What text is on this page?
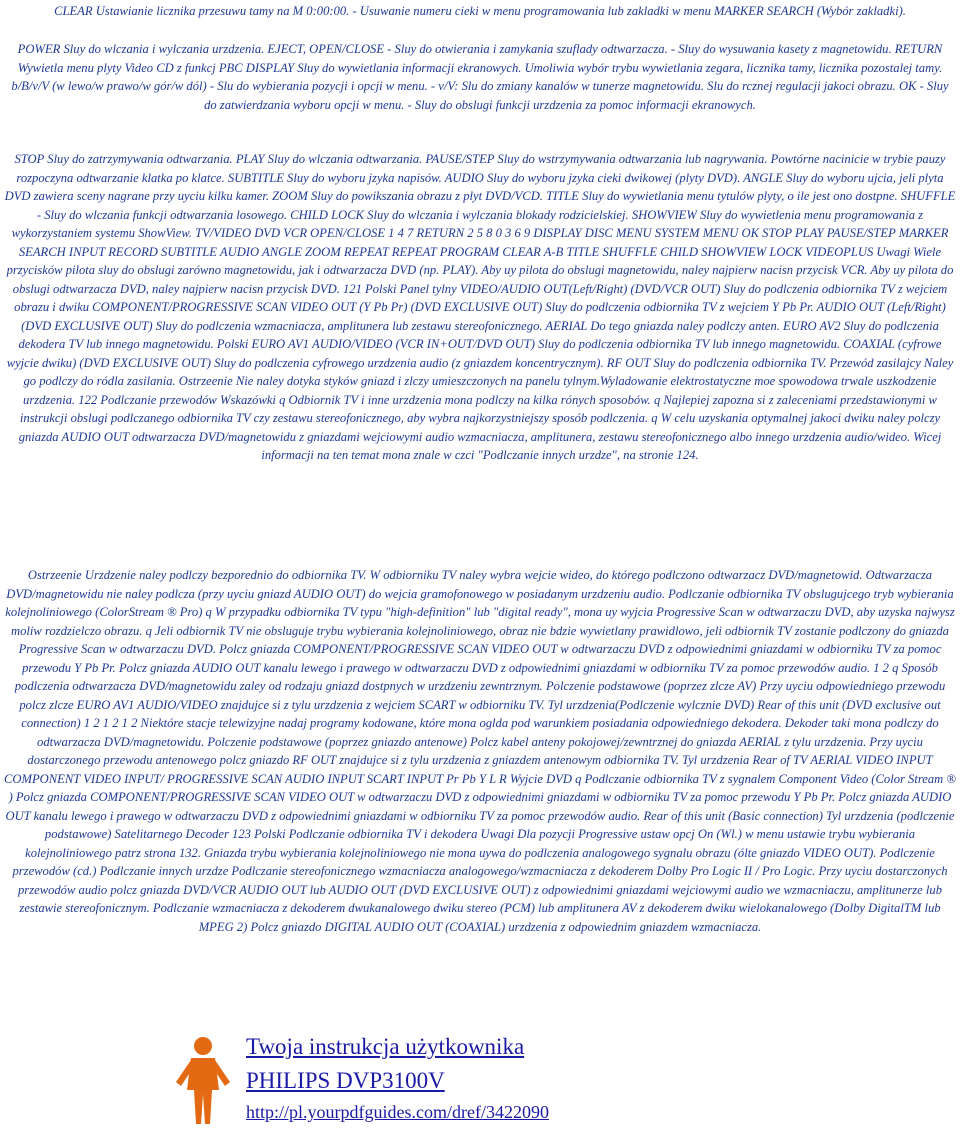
CLEAR Ustawianie licznika przesuwu tamy na M 0:00:00. - Usuwanie numeru cieki w menu programowania lub zakladki w menu MARKER SEARCH (Wybór zakladki).

POWER Sluy do wlczania i wylczania urzdzenia. EJECT, OPEN/CLOSE - Sluy do otwierania i zamykania szuflady odtwarzacza. - Sluy do wysuwania kasety z magnetowidu. RETURN Wywietla menu plyty Video CD z funkcj PBC DISPLAY Sluy do wywietlania informacji ekranowych. Umoliwia wybór trybu wywietlania zegara, licznika tamy, licznika pozostalej tamy. b/B/v/V (w lewo/w prawo/w gór/w dól) - Slu do wybierania pozycji i opcji w menu. - v/V: Slu do zmiany kanalów w tunerze magnetowidu. Slu do rcznej regulacji jakoci obrazu. OK - Sluy do zatwierdzania wyboru opcji w menu. - Sluy do obslugi funkcji urzdzenia za pomoc informacji ekranowych.

STOP Sluy do zatrzymywania odtwarzania. PLAY Sluy do wlczania odtwarzania. PAUSE/STEP Sluy do wstrzymywania odtwarzania lub nagrywania. Powtórne nacinicie w trybie pauzy rozpoczyna odtwarzanie klatka po klatce. SUBTITLE Sluy do wyboru jzyka napisów. AUDIO Sluy do wyboru jzyka cieki dwikowej (plyty DVD). ANGLE Sluy do wyboru ujcia, jeli plyta DVD zawiera sceny nagrane przy uyciu kilku kamer. ZOOM Sluy do powikszania obrazu z plyt DVD/VCD. TITLE Sluy do wywietlania menu tytulów plyty, o ile jest ono dostpne. SHUFFLE - Sluy do wlczania funkcji odtwarzania losowego. CHILD LOCK Sluy do wlczania i wylczania blokady rodzicielskiej. SHOWVIEW Sluy do wywietlenia menu programowania z wykorzystaniem systemu ShowView. TV/VIDEO DVD VCR OPEN/CLOSE 1 4 7 RETURN 2 5 8 0 3 6 9 DISPLAY DISC MENU SYSTEM MENU OK STOP PLAY PAUSE/STEP MARKER SEARCH INPUT RECORD SUBTITLE AUDIO ANGLE ZOOM REPEAT REPEAT PROGRAM CLEAR A-B TITLE SHUFFLE CHILD SHOWVIEW LOCK VIDEOPLUS Uwagi Wiele przycisków pilota sluy do obslugi zarówno magnetowidu, jak i odtwarzacza DVD (np. PLAY). Aby uy pilota do obslugi magnetowidu, naley najpierw nacisn przycisk VCR. Aby uy pilota do obslugi odtwarzacza DVD, naley najpierw nacisn przycisk DVD. 121 Polski Panel tylny VIDEO/AUDIO OUT(Left/Right) (DVD/VCR OUT) Sluy do podlczenia odbiornika TV z wejciem obrazu i dwiku COMPONENT/PROGRESSIVE SCAN VIDEO OUT (Y Pb Pr) (DVD EXCLUSIVE OUT) Sluy do podlczenia odbiornika TV z wejciem Y Pb Pr. AUDIO OUT (Left/Right) (DVD EXCLUSIVE OUT) Sluy do podlczenia wzmacniacza, amplitunera lub zestawu stereofonicznego. AERIAL Do tego gniazda naley podlczy anten. EURO AV2 Sluy do podlczenia dekodera TV lub innego magnetowidu. Polski EURO AV1 AUDIO/VIDEO (VCR IN+OUT/DVD OUT) Sluy do podlczenia odbiornika TV lub innego magnetowidu. COAXIAL (cyfrowe wyjcie dwiku) (DVD EXCLUSIVE OUT) Sluy do podlczenia cyfrowego urzdzenia audio (z gniazdem koncentrycznym). RF OUT Sluy do podlczenia odbiornika TV. Przewód zasilajcy Naley go podlczy do ródla zasilania. Ostrzeenie Nie naley dotyka styków gniazd i zlczy umieszczonych na panelu tylnym.Wyladowanie elektrostatyczne moe spowodowa trwale uszkodzenie urzdzenia. 122 Podlczanie przewodów Wskazówki q Odbiornik TV i inne urzdzenia mona podlczy na kilka rónych sposobów. q Najlepiej zapozna si z zaleceniami przedstawionymi w instrukcji obslugi podlczanego odbiornika TV czy zestawu stereofonicznego, aby wybra najkorzystniejszy sposób podlczenia. q W celu uzyskania optymalnej jakoci dwiku naley polczy gniazda AUDIO OUT odtwarzacza DVD/magnetowidu z gniazdami wejciowymi audio wzmacniacza, amplitunera, zestawu stereofonicznego albo innego urzdzenia audio/wideo. Wicej informacji na ten temat mona znale w czci "Podlczanie innych urzdze", na stronie 124.

Ostrzeenie Urzdzenie naley podlczy bezporednio do odbiornika TV. W odbiorniku TV naley wybra wejcie wideo, do którego podlczono odtwarzacz DVD/magnetowid. Odtwarzacza DVD/magnetowidu nie naley podlcza (przy uyciu gniazd AUDIO OUT) do wejcia gramofonowego w posiadanym urzdzeniu audio. Podlczanie odbiornika TV obslugujcego tryb wybierania kolejnoliniowego (ColorStream ® Pro) q W przypadku odbiornika TV typu "high-definition" lub "digital ready", mona uy wyjcia Progressive Scan w odtwarzaczu DVD, aby uzyska najwysz moliw rozdzielczo obrazu. q Jeli odbiornik TV nie obsluguje trybu wybierania kolejnoliniowego, obraz nie bdzie wywietlany prawidlowo, jeli odbiornik TV zostanie podlczony do gniazda Progressive Scan w odtwarzaczu DVD. Polcz gniazda COMPONENT/PROGRESSIVE SCAN VIDEO OUT w odtwarzaczu DVD z odpowiednimi gniazdami w odbiorniku TV za pomoc przewodu Y Pb Pr. Polcz gniazda AUDIO OUT kanalu lewego i prawego w odtwarzaczu DVD z odpowiednimi gniazdami w odbiorniku TV za pomoc przewodów audio. 1 2 q Sposób podlczenia odtwarzacza DVD/magnetowidu zaley od rodzaju gniazd dostpnych w urzdzeniu zewntrznym. Polczenie podstawowe (poprzez zlcze AV) Przy uyciu odpowiedniego przewodu polcz zlcze EURO AV1 AUDIO/VIDEO znajdujce si z tylu urzdzenia z wejciem SCART w odbiorniku TV. Tyl urzdzenia(Podlczenie wylcznie DVD) Rear of this unit (DVD exclusive out connection) 1 2 1 2 1 2 Niektóre stacje telewizyjne nadaj programy kodowane, które mona oglda pod warunkiem posiadania odpowiedniego dekodera. Dekoder taki mona podlczy do odtwarzacza DVD/magnetowidu. Polczenie podstawowe (poprzez gniazdo antenowe) Polcz kabel anteny pokojowej/zewntrznej do gniazda AERIAL z tylu urzdzenia. Przy uyciu dostarczonego przewodu antenowego polcz gniazdo RF OUT znajdujce si z tylu urzdzenia z gniazdem antenowym odbiornika TV. Tyl urzdzenia Rear of TV AERIAL VIDEO INPUT COMPONENT VIDEO INPUT/ PROGRESSIVE SCAN AUDIO INPUT SCART INPUT Pr Pb Y L R Wyjcie DVD q Podlczanie odbiornika TV z sygnalem Component Video (Color Stream ® ) Polcz gniazda COMPONENT/PROGRESSIVE SCAN VIDEO OUT w odtwarzaczu DVD z odpowiednimi gniazdami w odbiorniku TV za pomoc przewodu Y Pb Pr. Polcz gniazda AUDIO OUT kanalu lewego i prawego w odtwarzaczu DVD z odpowiednimi gniazdami w odbiorniku TV za pomoc przewodów audio. Rear of this unit (Basic connection) Tyl urzdzenia (podlczenie podstawowe) Satelitarnego Decoder 123 Polski Podlczanie odbiornika TV i dekodera Uwagi Dla pozycji Progressive ustaw opcj On (Wl.) w menu ustawie trybu wybierania kolejnoliniowego patrz strona 132. Gniazda trybu wybierania kolejnoliniowego nie mona uywa do podlczenia analogowego sygnalu obrazu (ólte gniazdo VIDEO OUT). Podlczenie przewodów (cd.) Podlczanie innych urzdze Podlczanie stereofonicznego wzmacniacza analogowego/wzmacniacza z dekoderem Dolby Pro Logic II / Pro Logic. Przy uyciu dostarczonych przewodów audio polcz gniazda DVD/VCR AUDIO OUT lub AUDIO OUT (DVD EXCLUSIVE OUT) z odpowiednimi gniazdami wejciowymi audio we wzmacniaczu, amplitunerze lub zestawie stereofonicznym. Podlczanie wzmacniacza z dekoderem dwukanalowego dwiku stereo (PCM) lub amplitunera AV z dekoderem dwiku wielokanalowego (Dolby DigitalTM lub MPEG 2) Polcz gniazdo DIGITAL AUDIO OUT (COAXIAL) urzdzenia z odpowiednim gniazdem wzmacniacza.

Twoja instrukcja użytkownika
PHILIPS DVP3100V
http://pl.yourpdfguides.com/dref/3422090
